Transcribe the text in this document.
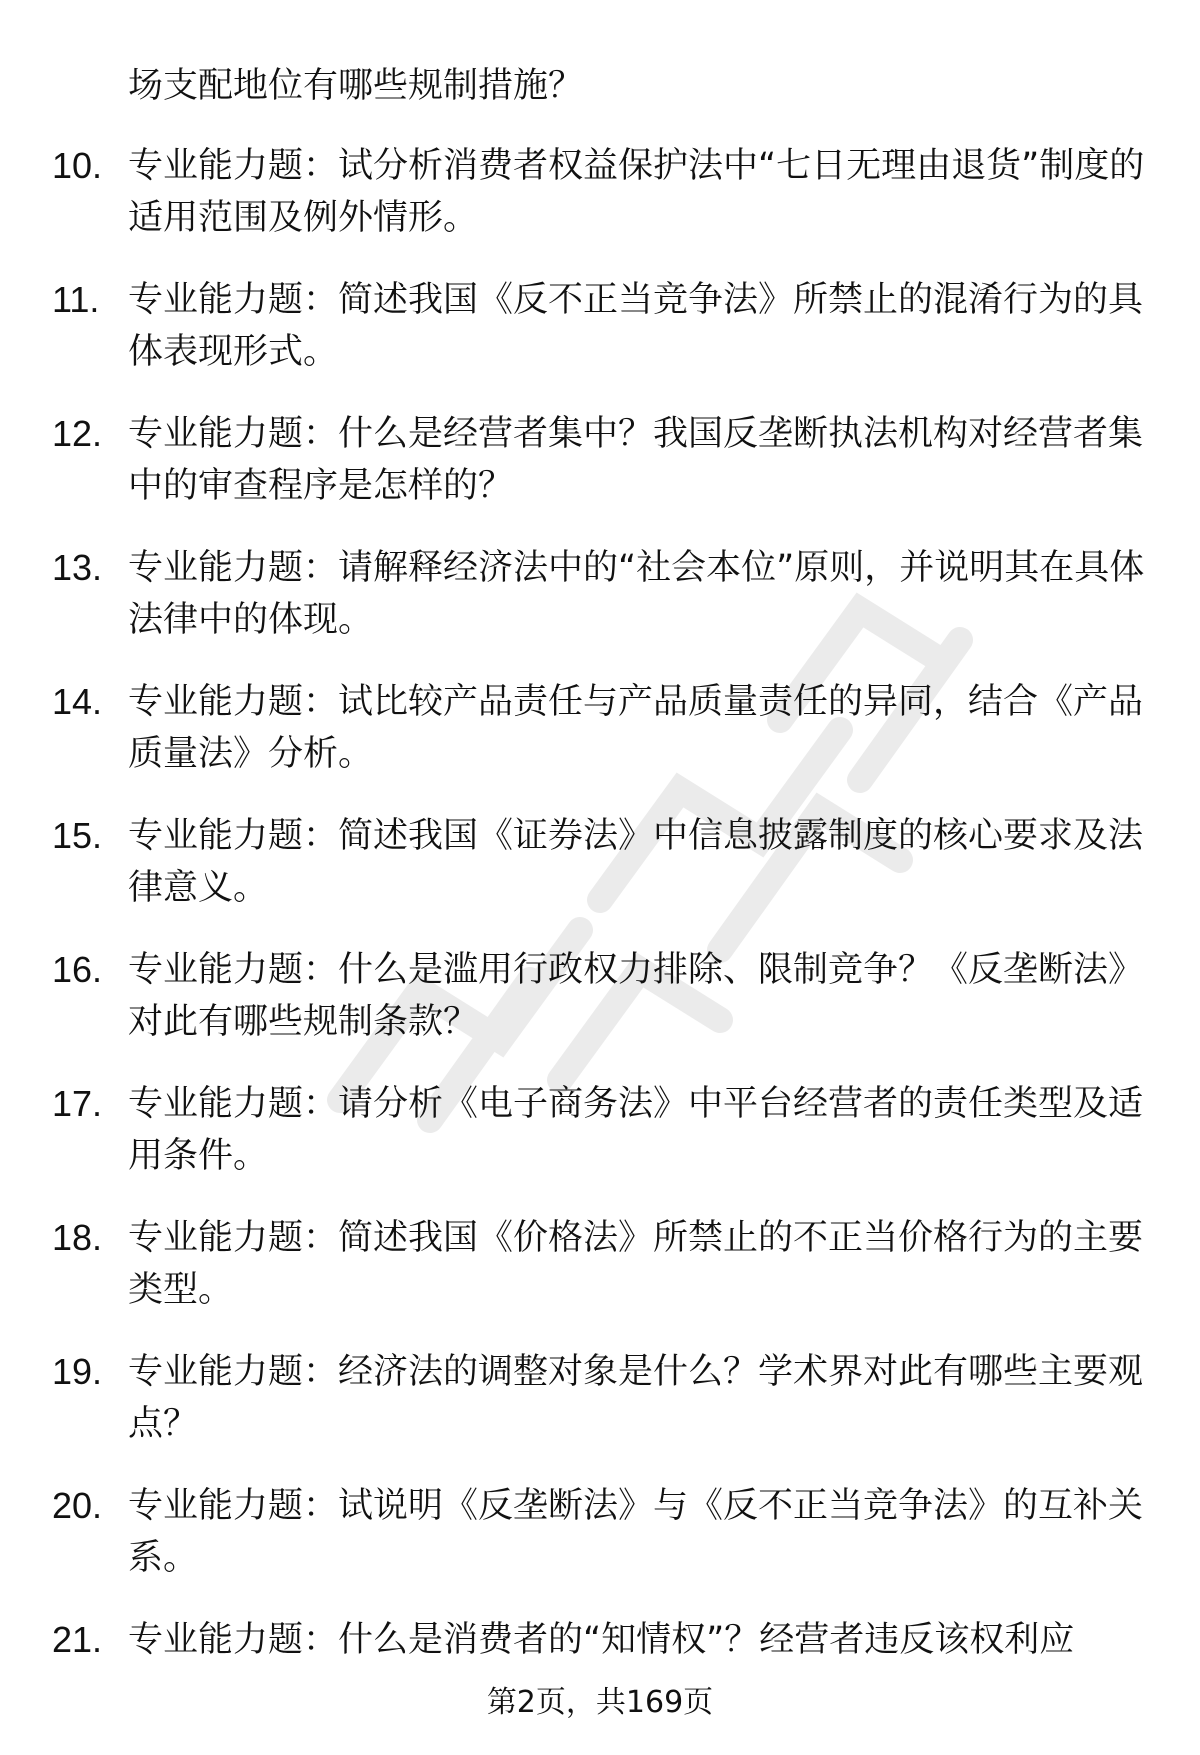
场支配地位有哪些规制措施？
10. 专业能力题：试分析消费者权益保护法中“七日无理由退货”制度的适用范围及例外情形。
11. 专业能力题：简述我国《反不正当竞争法》所禁止的混淆行为的具体表现形式。
12. 专业能力题：什么是经营者集中？我国反垄断执法机构对经营者集中的审查程序是怎样的？
13. 专业能力题：请解释经济法中的“社会本位”原则，并说明其在具体法律中的体现。
14. 专业能力题：试比较产品责任与产品质量责任的异同，结合《产品质量法》分析。
15. 专业能力题：简述我国《证券法》中信息披露制度的核心要求及法律意义。
16. 专业能力题：什么是滥用行政权力排除、限制竞争？《反垄断法》对此有哪些规制条款？
17. 专业能力题：请分析《电子商务法》中平台经营者的责任类型及适用条件。
18. 专业能力题：简述我国《价格法》所禁止的不正当价格行为的主要类型。
19. 专业能力题：经济法的调整对象是什么？学术界对此有哪些主要观点？
20. 专业能力题：试说明《反垄断法》与《反不正当竞争法》的互补关系。
21. 专业能力题：什么是消费者的“知情权”？经营者违反该权利应
第2页，共169页
